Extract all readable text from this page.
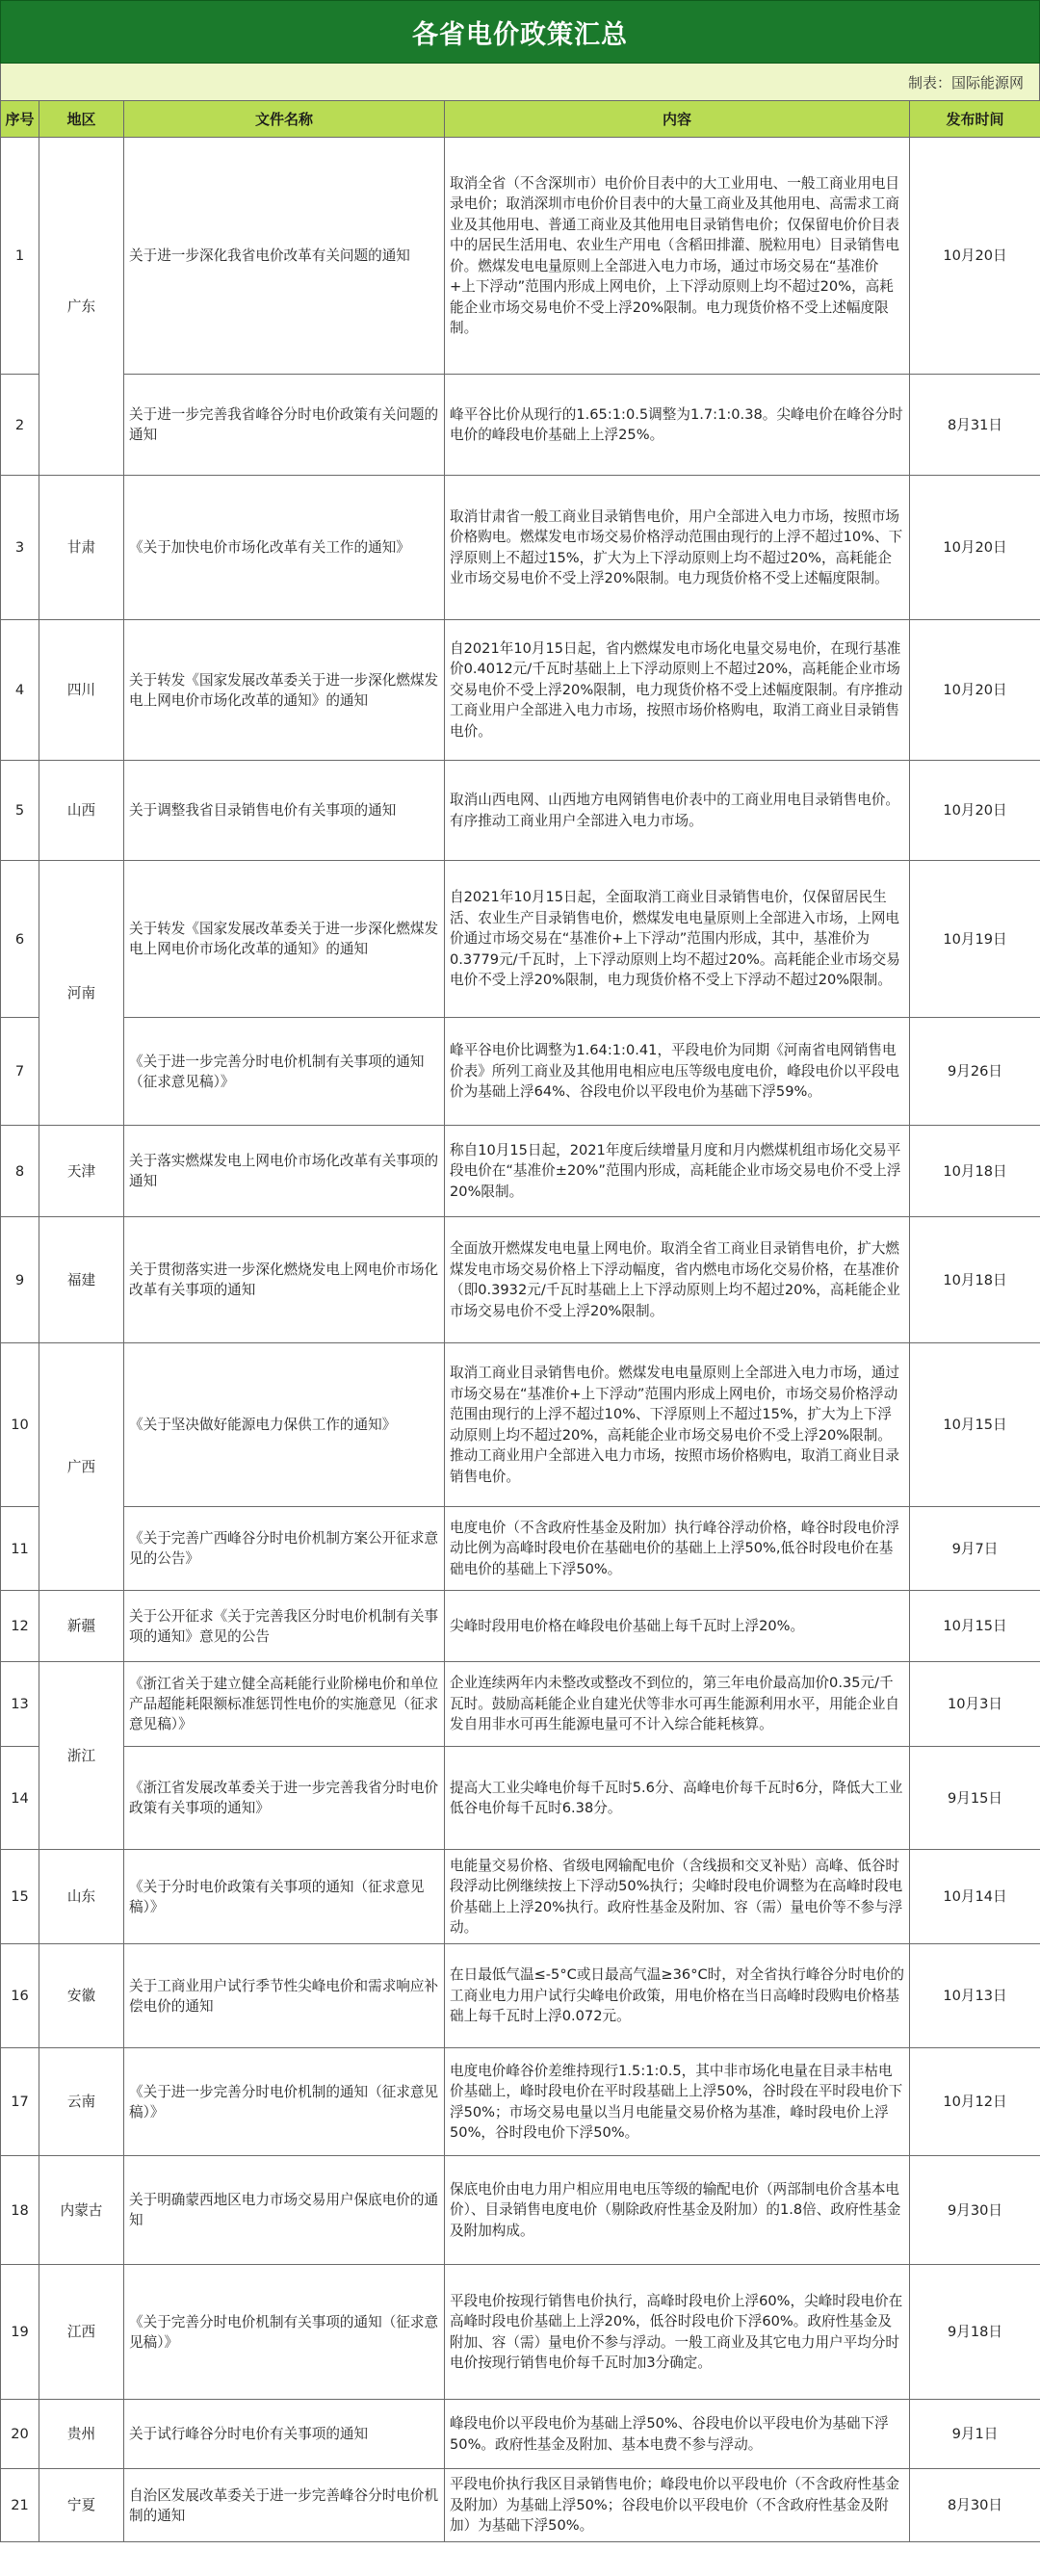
各省电价政策汇总
制表：国际能源网
序号	地区	文件名称	内容	发布时间
1	广东	关于进一步深化我省电价改革有关问题的通知	取消全省（不含深圳市）电价价目表中的大工业用电、一般工商业用电目录电价；取消深圳市电价价目表中的大量工商业及其他用电、高需求工商业及其他用电、普通工商业及其他用电目录销售电价；仅保留电价价目表中的居民生活用电、农业生产用电（含稻田排灌、脱粒用电）目录销售电价。燃煤发电电量原则上全部进入电力市场，通过市场交易在“基准价+上下浮动”范围内形成上网电价，上下浮动原则上均不超过20%，高耗能企业市场交易电价不受上浮20%限制。电力现货价格不受上述幅度限制。	10月20日
2		关于进一步完善我省峰谷分时电价政策有关问题的通知	峰平谷比价从现行的1.65:1:0.5调整为1.7:1:0.38。尖峰电价在峰谷分时电价的峰段电价基础上上浮25%。	8月31日
3	甘肃	《关于加快电价市场化改革有关工作的通知》	取消甘肃省一般工商业目录销售电价，用户全部进入电力市场，按照市场价格购电。燃煤发电市场交易价格浮动范围由现行的上浮不超过10%、下浮原则上不超过15%，扩大为上下浮动原则上均不超过20%，高耗能企业市场交易电价不受上浮20%限制。电力现货价格不受上述幅度限制。	10月20日
4	四川	关于转发《国家发展改革委关于进一步深化燃煤发电上网电价市场化改革的通知》的通知	自2021年10月15日起，省内燃煤发电市场化电量交易电价，在现行基准价0.4012元/千瓦时基础上上下浮动原则上不超过20%，高耗能企业市场交易电价不受上浮20%限制，电力现货价格不受上述幅度限制。有序推动工商业用户全部进入电力市场，按照市场价格购电，取消工商业目录销售电价。	10月20日
5	山西	关于调整我省目录销售电价有关事项的通知	取消山西电网、山西地方电网销售电价表中的工商业用电目录销售电价。有序推动工商业用户全部进入电力市场。	10月20日
6	河南	关于转发《国家发展改革委关于进一步深化燃煤发电上网电价市场化改革的通知》的通知	自2021年10月15日起，全面取消工商业目录销售电价，仅保留居民生活、农业生产目录销售电价，燃煤发电电量原则上全部进入市场，上网电价通过市场交易在“基准价+上下浮动”范围内形成，其中，基准价为0.3779元/千瓦时，上下浮动原则上均不超过20%。高耗能企业市场交易电价不受上浮20%限制，电力现货价格不受上下浮动不超过20%限制。	10月19日
7		《关于进一步完善分时电价机制有关事项的通知（征求意见稿）》	峰平谷电价比调整为1.64:1:0.41，平段电价为同期《河南省电网销售电价表》所列工商业及其他用电相应电压等级电度电价，峰段电价以平段电价为基础上浮64%、谷段电价以平段电价为基础下浮59%。	9月26日
8	天津	关于落实燃煤发电上网电价市场化改革有关事项的通知	称自10月15日起，2021年度后续增量月度和月内燃煤机组市场化交易平段电价在“基准价±20%”范围内形成，高耗能企业市场交易电价不受上浮20%限制。	10月18日
9	福建	关于贯彻落实进一步深化燃烧发电上网电价市场化改革有关事项的通知	全面放开燃煤发电电量上网电价。取消全省工商业目录销售电价，扩大燃煤发电市场交易价格上下浮动幅度，省内燃电市场化交易价格，在基准价（即0.3932元/千瓦时基础上上下浮动原则上均不超过20%，高耗能企业市场交易电价不受上浮20%限制。	10月18日
10	广西	《关于坚决做好能源电力保供工作的通知》	取消工商业目录销售电价。燃煤发电电量原则上全部进入电力市场，通过市场交易在“基准价+上下浮动”范围内形成上网电价，市场交易价格浮动范围由现行的上浮不超过10%、下浮原则上不超过15%，扩大为上下浮动原则上均不超过20%，高耗能企业市场交易电价不受上浮20%限制。推动工商业用户全部进入电力市场，按照市场价格购电，取消工商业目录销售电价。	10月15日
11		《关于完善广西峰谷分时电价机制方案公开征求意见的公告》	电度电价（不含政府性基金及附加）执行峰谷浮动价格，峰谷时段电价浮动比例为高峰时段电价在基础电价的基础上上浮50%,低谷时段电价在基础电价的基础上下浮50%。	9月7日
12	新疆	关于公开征求《关于完善我区分时电价机制有关事项的通知》意见的公告	尖峰时段用电价格在峰段电价基础上每千瓦时上浮20%。	10月15日
13	浙江	《浙江省关于建立健全高耗能行业阶梯电价和单位产品超能耗限额标准惩罚性电价的实施意见（征求意见稿）》	企业连续两年内未整改或整改不到位的，第三年电价最高加价0.35元/千瓦时。鼓励高耗能企业自建光伏等非水可再生能源利用水平，用能企业自发自用非水可再生能源电量可不计入综合能耗核算。	10月3日
14		《浙江省发展改革委关于进一步完善我省分时电价政策有关事项的通知》	提高大工业尖峰电价每千瓦时5.6分、高峰电价每千瓦时6分，降低大工业低谷电价每千瓦时6.38分。	9月15日
15	山东	《关于分时电价政策有关事项的通知（征求意见稿）》	电能量交易价格、省级电网输配电价（含线损和交叉补贴）高峰、低谷时段浮动比例继续按上下浮动50%执行；尖峰时段电价调整为在高峰时段电价基础上上浮20%执行。政府性基金及附加、容（需）量电价等不参与浮动。	10月14日
16	安徽	关于工商业用户试行季节性尖峰电价和需求响应补偿电价的通知	在日最低气温≤-5°C或日最高气温≥36°C时，对全省执行峰谷分时电价的工商业电力用户试行尖峰电价政策，用电价格在当日高峰时段购电价格基础上每千瓦时上浮0.072元。	10月13日
17	云南	《关于进一步完善分时电价机制的通知（征求意见稿）》	电度电价峰谷价差维持现行1.5:1:0.5，其中非市场化电量在目录丰枯电价基础上，峰时段电价在平时段基础上上浮50%，谷时段在平时段电价下浮50%；市场交易电量以当月电能量交易价格为基准，峰时段电价上浮50%，谷时段电价下浮50%。	10月12日
18	内蒙古	关于明确蒙西地区电力市场交易用户保底电价的通知	保底电价由电力用户相应用电电压等级的输配电价（两部制电价含基本电价）、目录销售电度电价（剔除政府性基金及附加）的1.8倍、政府性基金及附加构成。	9月30日
19	江西	《关于完善分时电价机制有关事项的通知（征求意见稿）》	平段电价按现行销售电价执行，高峰时段电价上浮60%，尖峰时段电价在高峰时段电价基础上上浮20%，低谷时段电价下浮60%。政府性基金及附加、容（需）量电价不参与浮动。一般工商业及其它电力用户平均分时电价按现行销售电价每千瓦时加3分确定。	9月18日
20	贵州	关于试行峰谷分时电价有关事项的通知	峰段电价以平段电价为基础上浮50%、谷段电价以平段电价为基础下浮50%。政府性基金及附加、基本电费不参与浮动。	9月1日
21	宁夏	自治区发展改革委关于进一步完善峰谷分时电价机制的通知	平段电价执行我区目录销售电价；峰段电价以平段电价（不含政府性基金及附加）为基础上浮50%；谷段电价以平段电价（不含政府性基金及附加）为基础下浮50%。	8月30日
